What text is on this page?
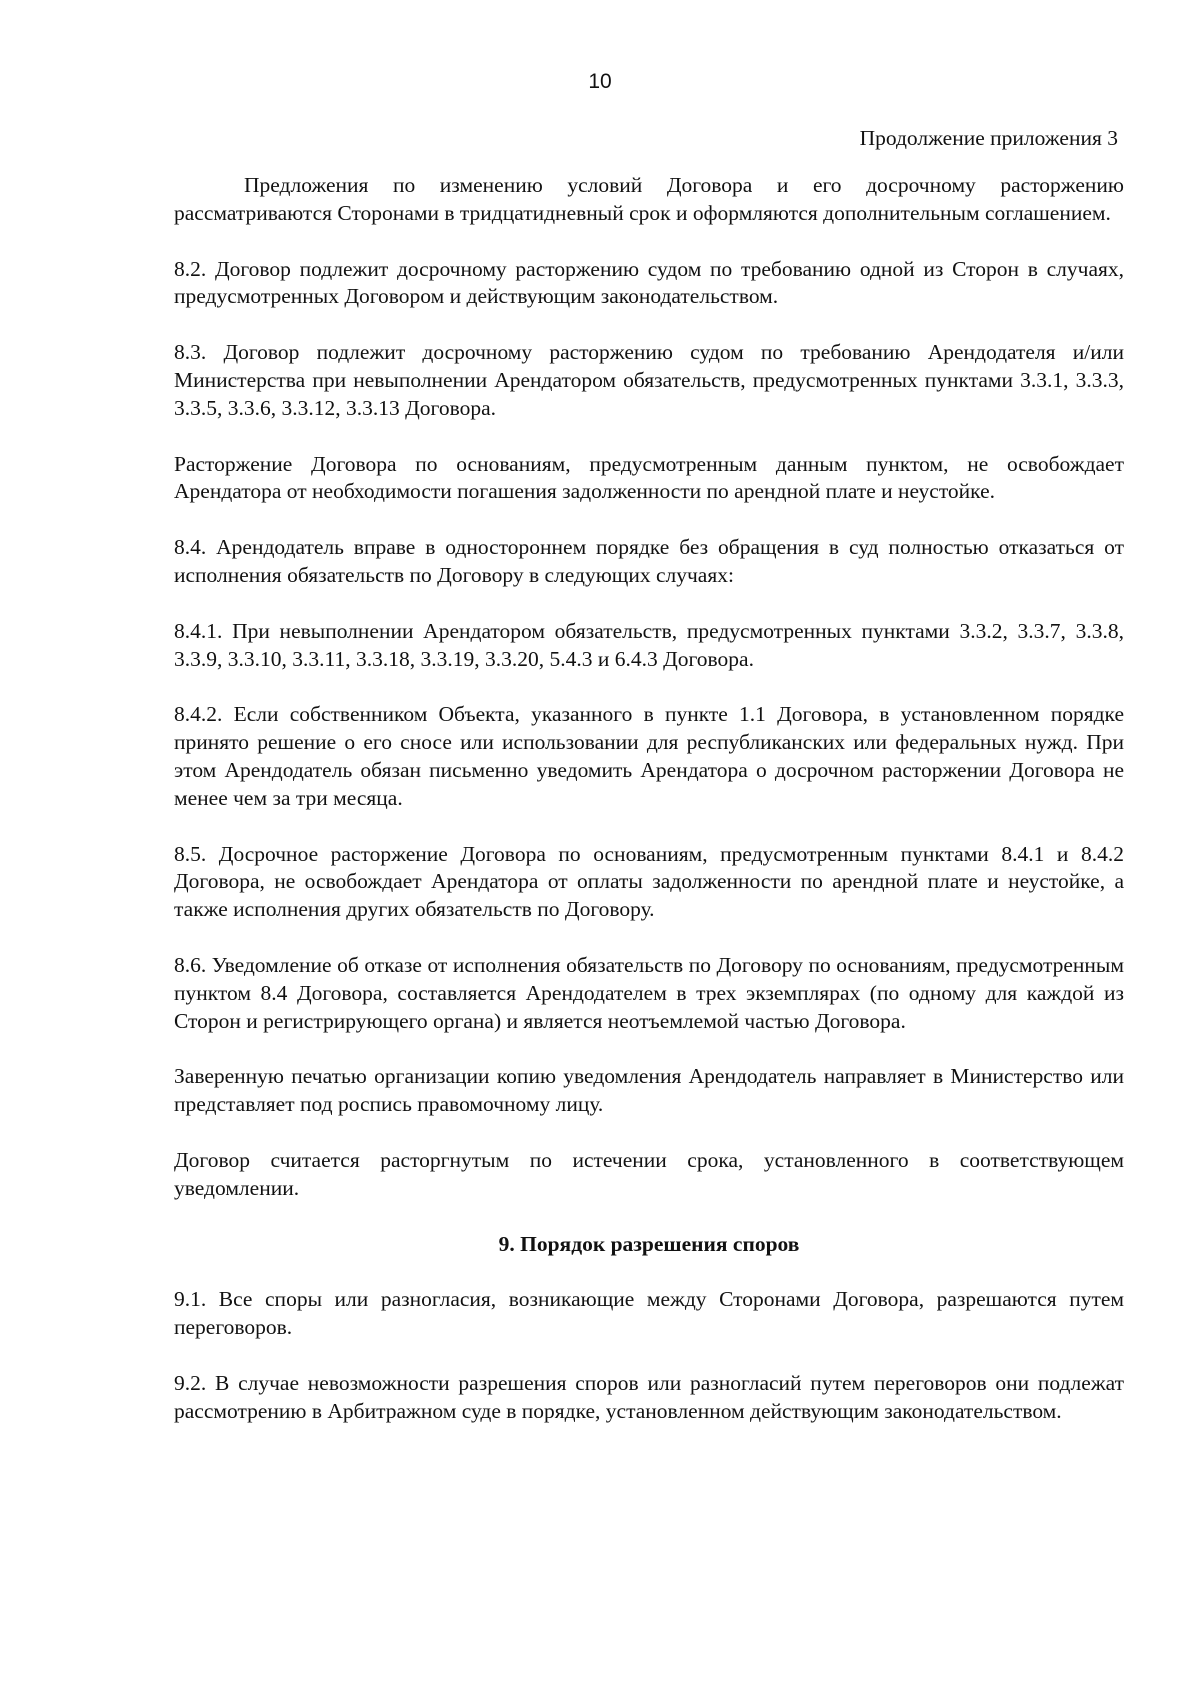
10
Продолжение приложения 3

Предложения по изменению условий Договора и его досрочному расторжению рассматриваются Сторонами в тридцатидневный срок и оформляются дополнительным соглашением.

8.2. Договор подлежит досрочному расторжению судом по требованию одной из Сторон в случаях, предусмотренных Договором и действующим законодательством.

8.3. Договор подлежит досрочному расторжению судом по требованию Арендодателя и/или Министерства при невыполнении Арендатором обязательств, предусмотренных пунктами 3.3.1, 3.3.3, 3.3.5, 3.3.6, 3.3.12, 3.3.13 Договора.

Расторжение Договора по основаниям, предусмотренным данным пунктом, не освобождает Арендатора от необходимости погашения задолженности по арендной плате и неустойке.

8.4. Арендодатель вправе в одностороннем порядке без обращения в суд полностью отказаться от исполнения обязательств по Договору в следующих случаях:

8.4.1. При невыполнении Арендатором обязательств, предусмотренных пунктами 3.3.2, 3.3.7, 3.3.8, 3.3.9, 3.3.10, 3.3.11, 3.3.18, 3.3.19, 3.3.20, 5.4.3 и 6.4.3 Договора.

8.4.2. Если собственником Объекта, указанного в пункте 1.1 Договора, в установленном порядке принято решение о его сносе или использовании для республиканских или федеральных нужд. При этом Арендодатель обязан письменно уведомить Арендатора о досрочном расторжении Договора не менее чем за три месяца.

8.5. Досрочное расторжение Договора по основаниям, предусмотренным пунктами 8.4.1 и 8.4.2 Договора, не освобождает Арендатора от оплаты задолженности по арендной плате и неустойке, а также исполнения других обязательств по Договору.

8.6. Уведомление об отказе от исполнения обязательств по Договору по основаниям, предусмотренным пунктом 8.4 Договора, составляется Арендодателем в трех экземплярах (по одному для каждой из Сторон и регистрирующего органа) и является неотъемлемой частью Договора.

Заверенную печатью организации копию уведомления Арендодатель направляет в Министерство или представляет под роспись правомочному лицу.

Договор считается расторгнутым по истечении срока, установленного в соответствующем уведомлении.

9. Порядок разрешения споров

9.1. Все споры или разногласия, возникающие между Сторонами Договора, разрешаются путем переговоров.

9.2. В случае невозможности разрешения споров или разногласий путем переговоров они подлежат рассмотрению в Арбитражном суде в порядке, установленном действующим законодательством.
